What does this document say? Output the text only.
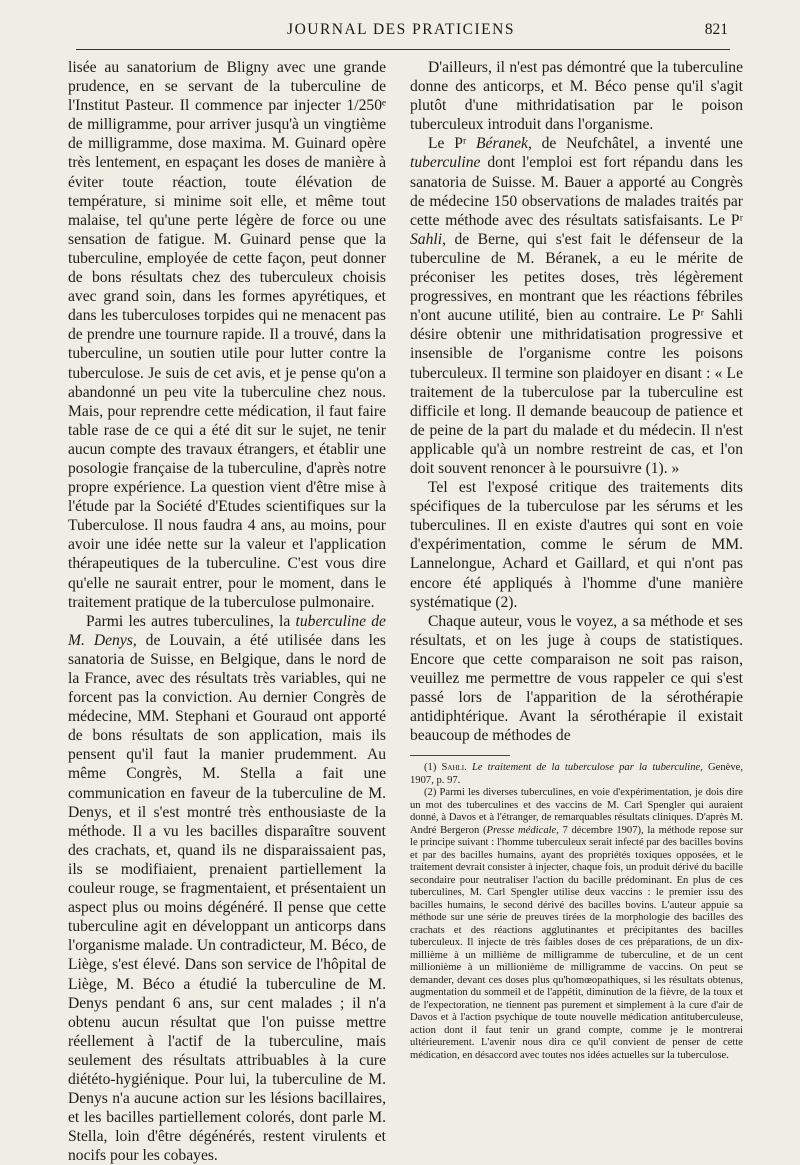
JOURNAL DES PRATICIENS	821

lisée au sanatorium de Bligny avec une grande prudence, en se servant de la tuberculine de l'Institut Pasteur. Il commence par injecter 1/250ᵉ de milligramme, pour arriver jusqu'à un vingtième de milligramme, dose maxima. M. Guinard opère très lentement, en espaçant les doses de manière à éviter toute réaction, toute élévation de température, si minime soit elle, et même tout malaise, tel qu'une perte légère de force ou une sensation de fatigue. M. Guinard pense que la tuberculine, employée de cette façon, peut donner de bons résultats chez des tuberculeux choisis avec grand soin, dans les formes apyrétiques, et dans les tuberculoses torpides qui ne menacent pas de prendre une tournure rapide. Il a trouvé, dans la tuberculine, un soutien utile pour lutter contre la tuberculose. Je suis de cet avis, et je pense qu'on a abandonné un peu vite la tuberculine chez nous. Mais, pour reprendre cette médication, il faut faire table rase de ce qui a été dit sur le sujet, ne tenir aucun compte des travaux étrangers, et établir une posologie française de la tuberculine, d'après notre propre expérience. La question vient d'être mise à l'étude par la Société d'Etudes scientifiques sur la Tuberculose. Il nous faudra 4 ans, au moins, pour avoir une idée nette sur la valeur et l'application thérapeutiques de la tuberculine. C'est vous dire qu'elle ne saurait entrer, pour le moment, dans le traitement pratique de la tuberculose pulmonaire.

Parmi les autres tuberculines, la tuberculine de M. Denys, de Louvain, a été utilisée dans les sanatoria de Suisse, en Belgique, dans le nord de la France, avec des résultats très variables, qui ne forcent pas la conviction. Au dernier Congrès de médecine, MM. Stephani et Gouraud ont apporté de bons résultats de son application, mais ils pensent qu'il faut la manier prudemment. Au même Congrès, M. Stella a fait une communication en faveur de la tuberculine de M. Denys, et il s'est montré très enthousiaste de la méthode. Il a vu les bacilles disparaître souvent des crachats, et, quand ils ne disparaissaient pas, ils se modifiaient, prenaient partiellement la couleur rouge, se fragmentaient, et présentaient un aspect plus ou moins dégénéré. Il pense que cette tuberculine agit en développant un anticorps dans l'organisme malade. Un contradicteur, M. Béco, de Liège, s'est élevé. Dans son service de l'hôpital de Liège, M. Béco a étudié la tuberculine de M. Denys pendant 6 ans, sur cent malades ; il n'a obtenu aucun résultat que l'on puisse mettre réellement à l'actif de la tuberculine, mais seulement des résultats attribuables à la cure diététo-hygiénique. Pour lui, la tuberculine de M. Denys n'a aucune action sur les lésions bacillaires, et les bacilles partiellement colorés, dont parle M. Stella, loin d'être dégénérés, restent virulents et nocifs pour les cobayes.

D'ailleurs, il n'est pas démontré que la tuberculine donne des anticorps, et M. Béco pense qu'il s'agit plutôt d'une mithridatisation par le poison tuberculeux introduit dans l'organisme.

Le Pʳ Béranek, de Neufchâtel, a inventé une tuberculine dont l'emploi est fort répandu dans les sanatoria de Suisse. M. Bauer a apporté au Congrès de médecine 150 observations de malades traités par cette méthode avec des résultats satisfaisants. Le Pʳ Sahli, de Berne, qui s'est fait le défenseur de la tuberculine de M. Béranek, a eu le mérite de préconiser les petites doses, très légèrement progressives, en montrant que les réactions fébriles n'ont aucune utilité, bien au contraire. Le Pʳ Sahli désire obtenir une mithridatisation progressive et insensible de l'organisme contre les poisons tuberculeux. Il termine son plaidoyer en disant : « Le traitement de la tuberculose par la tuberculine est difficile et long. Il demande beaucoup de patience et de peine de la part du malade et du médecin. Il n'est applicable qu'à un nombre restreint de cas, et l'on doit souvent renoncer à le poursuivre (1). »

Tel est l'exposé critique des traitements dits spécifiques de la tuberculose par les sérums et les tuberculines. Il en existe d'autres qui sont en voie d'expérimentation, comme le sérum de MM. Lannelongue, Achard et Gaillard, et qui n'ont pas encore été appliqués à l'homme d'une manière systématique (2).

Chaque auteur, vous le voyez, a sa méthode et ses résultats, et on les juge à coups de statistiques. Encore que cette comparaison ne soit pas raison, veuillez me permettre de vous rappeler ce qui s'est passé lors de l'apparition de la sérothérapie antidiphtérique. Avant la sérothérapie il existait beaucoup de méthodes de

(1) Sahli. Le traitement de la tuberculose par la tuberculine, Genève, 1907, p. 97.

(2) Parmi les diverses tuberculines, en voie d'expérimentation, je dois dire un mot des tuberculines et des vaccins de M. Carl Spengler qui auraient donné, à Davos et à l'étranger, de remarquables résultats cliniques. D'après M. André Bergeron (Presse médicale, 7 décembre 1907), la méthode repose sur le principe suivant : l'homme tuberculeux serait infecté par des bacilles bovins et par des bacilles humains, ayant des propriétés toxiques opposées, et le traitement devrait consister à injecter, chaque fois, un produit dérivé du bacille secondaire pour neutraliser l'action du bacille prédominant. En plus de ces tuberculines, M. Carl Spengler utilise deux vaccins : le premier issu des bacilles humains, le second dérivé des bacilles bovins. L'auteur appuie sa méthode sur une série de preuves tirées de la morphologie des bacilles des crachats et des réactions agglutinantes et précipitantes des bacilles tuberculeux. Il injecte de très faibles doses de ces préparations, de un dix-millième à un millième de milligramme de tuberculine, et de un cent millionième à un millionième de milligramme de vaccins. On peut se demander, devant ces doses plus qu'homœopathiques, si les résultats obtenus, augmentation du sommeil et de l'appétit, diminution de la fièvre, de la toux et de l'expectoration, ne tiennent pas purement et simplement à la cure d'air de Davos et à l'action psychique de toute nouvelle médication antituberculeuse, action dont il faut tenir un grand compte, comme je le montrerai ultérieurement. L'avenir nous dira ce qu'il convient de penser de cette médication, en désaccord avec toutes nos idées actuelles sur la tuberculose.
